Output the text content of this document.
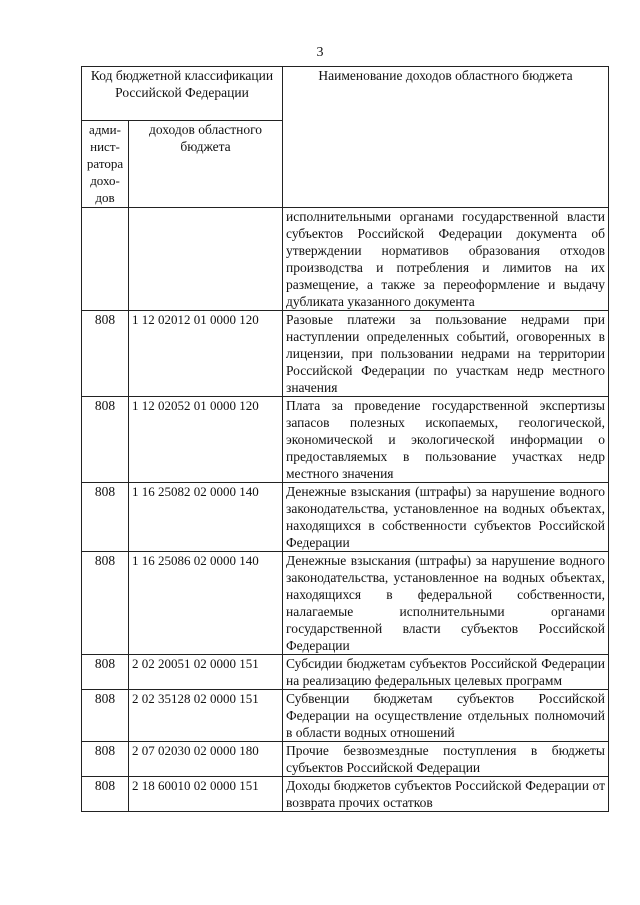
3
Код бюджетной классификации Российской Федерации		Наименование доходов областного бюджета
адми-нист-ратора дохо-дов	доходов областного бюджета	
		исполнительными органами государственной власти субъектов Российской Федерации документа об утверждении нормативов образования отходов производства и потребления и лимитов на их размещение, а также за переоформление и выдачу дубликата указанного документа
808	1 12 02012 01 0000 120	Разовые платежи за пользование недрами при наступлении определенных событий, оговоренных в лицензии, при пользовании недрами на территории Российской Федерации по участкам недр местного значения
808	1 12 02052 01 0000 120	Плата за проведение государственной экспертизы запасов полезных ископаемых, геологической, экономической и экологической информации о предоставляемых в пользование участках недр местного значения
808	1 16 25082 02 0000 140	Денежные взыскания (штрафы) за нарушение водного законодательства, установленное на водных объектах, находящихся в собственности субъектов Российской Федерации
808	1 16 25086 02 0000 140	Денежные взыскания (штрафы) за нарушение водного законодательства, установленное на водных объектах, находящихся в федеральной собственности, налагаемые исполнительными органами государственной власти субъектов Российской Федерации
808	2 02 20051 02 0000 151	Субсидии бюджетам субъектов Российской Федерации на реализацию федеральных целевых программ
808	2 02 35128 02 0000 151	Субвенции бюджетам субъектов Российской Федерации на осуществление отдельных полномочий в области водных отношений
808	2 07 02030 02 0000 180	Прочие безвозмездные поступления в бюджеты субъектов Российской Федерации
808	2 18 60010 02 0000 151	Доходы бюджетов субъектов Российской Федерации от возврата прочих остатков
